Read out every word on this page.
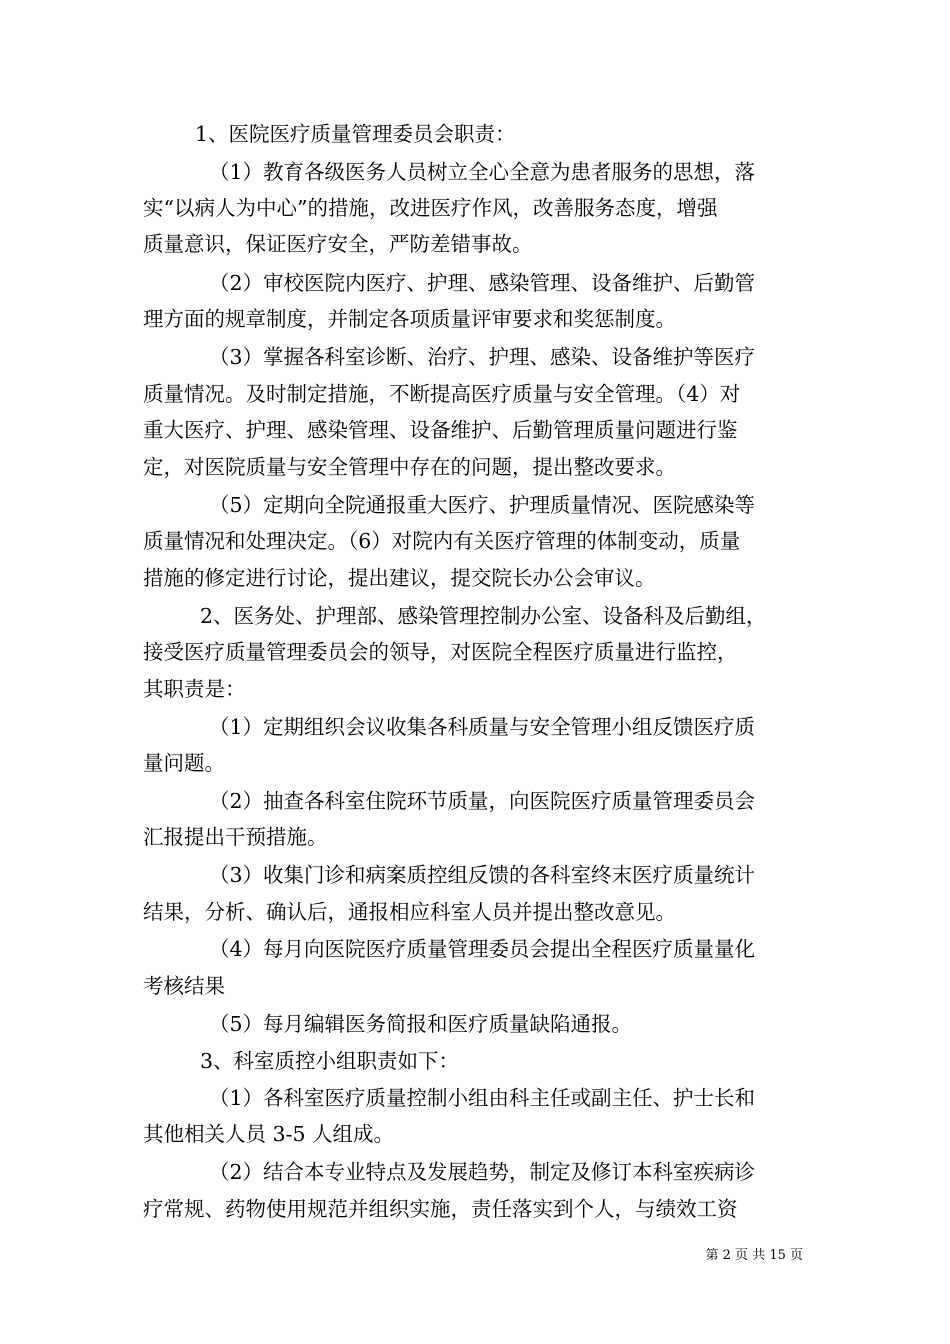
1、医院医疗质量管理委员会职责：

（1）教育各级医务人员树立全心全意为患者服务的思想，落

实“以病人为中心”的措施，改进医疗作风，改善服务态度，增强

质量意识，保证医疗安全，严防差错事故。

（2）审校医院内医疗、护理、感染管理、设备维护、后勤管

理方面的规章制度，并制定各项质量评审要求和奖惩制度。

（3）掌握各科室诊断、治疗、护理、感染、设备维护等医疗

质量情况。及时制定措施，不断提高医疗质量与安全管理。（4）对

重大医疗、护理、感染管理、设备维护、后勤管理质量问题进行鉴

定，对医院质量与安全管理中存在的问题，提出整改要求。

（5）定期向全院通报重大医疗、护理质量情况、医院感染等

质量情况和处理决定。（6）对院内有关医疗管理的体制变动，质量

措施的修定进行讨论，提出建议，提交院长办公会审议。

2、医务处、护理部、感染管理控制办公室、设备科及后勤组，

接受医疗质量管理委员会的领导，对医院全程医疗质量进行监控，

其职责是：

（1）定期组织会议收集各科质量与安全管理小组反馈医疗质

量问题。

（2）抽查各科室住院环节质量，向医院医疗质量管理委员会

汇报提出干预措施。

（3）收集门诊和病案质控组反馈的各科室终末医疗质量统计

结果，分析、确认后，通报相应科室人员并提出整改意见。

（4）每月向医院医疗质量管理委员会提出全程医疗质量量化

考核结果

（5）每月编辑医务简报和医疗质量缺陷通报。

3、科室质控小组职责如下：

（1）各科室医疗质量控制小组由科主任或副主任、护士长和

其他相关人员 3-5 人组成。

（2）结合本专业特点及发展趋势，制定及修订本科室疾病诊

疗常规、药物使用规范并组织实施，责任落实到个人，与绩效工资

第 2 页 共 15 页
